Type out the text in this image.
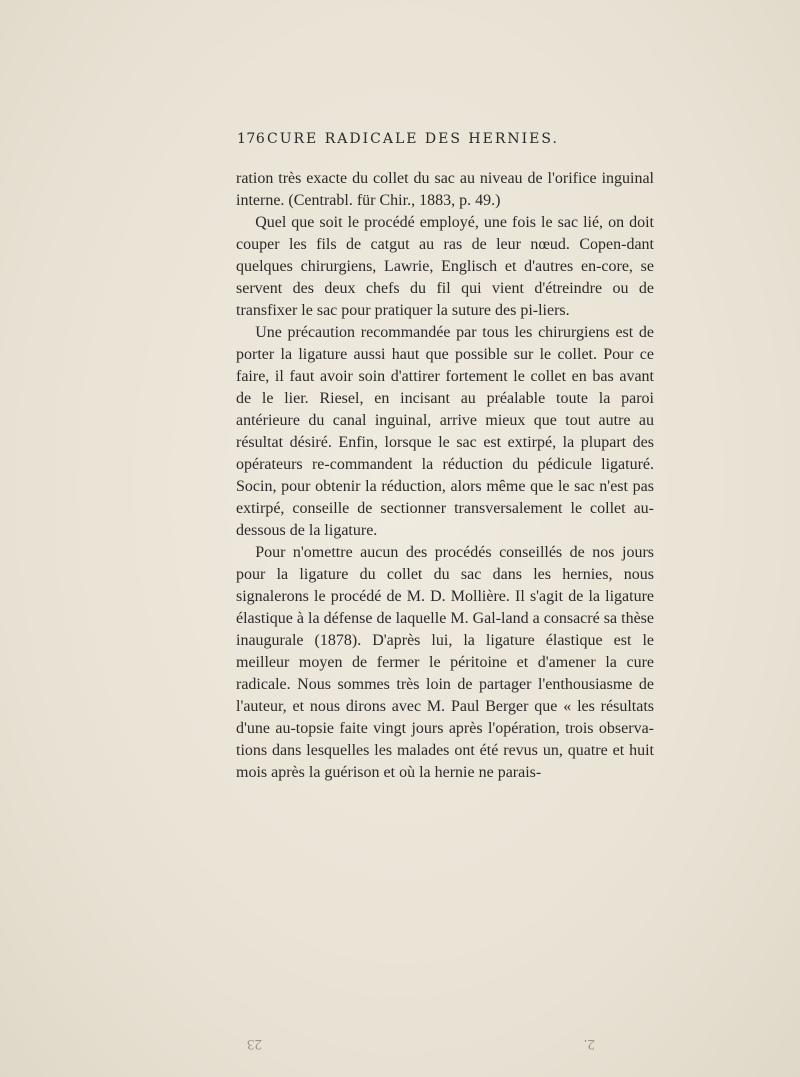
176 CURE RADICALE DES HERNIES.

ration très exacte du collet du sac au niveau de l'orifice inguinal interne. (Centrabl. für Chir., 1883, p. 49.)

Quel que soit le procédé employé, une fois le sac lié, on doit couper les fils de catgut au ras de leur nœud. Copen-dant quelques chirurgiens, Lawrie, Englisch et d'autres en-core, se servent des deux chefs du fil qui vient d'étreindre ou de transfixer le sac pour pratiquer la suture des pi-liers.

Une précaution recommandée par tous les chirurgiens est de porter la ligature aussi haut que possible sur le collet. Pour ce faire, il faut avoir soin d'attirer fortement le collet en bas avant de le lier. Riesel, en incisant au préalable toute la paroi antérieure du canal inguinal, arrive mieux que tout autre au résultat désiré. Enfin, lorsque le sac est extirpé, la plupart des opérateurs re-commandent la réduction du pédicule ligaturé. Socin, pour obtenir la réduction, alors même que le sac n'est pas extirpé, conseille de sectionner transversalement le collet au-dessous de la ligature.

Pour n'omettre aucun des procédés conseillés de nos jours pour la ligature du collet du sac dans les hernies, nous signalerons le procédé de M. D. Mollière. Il s'agit de la ligature élastique à la défense de laquelle M. Gal-land a consacré sa thèse inaugurale (1878). D'après lui, la ligature élastique est le meilleur moyen de fermer le péritoine et d'amener la cure radicale. Nous sommes très loin de partager l'enthousiasme de l'auteur, et nous dirons avec M. Paul Berger que « les résultats d'une au-topsie faite vingt jours après l'opération, trois observa-tions dans lesquelles les malades ont été revus un, quatre et huit mois après la guérison et où la hernie ne parais-

23	2.
